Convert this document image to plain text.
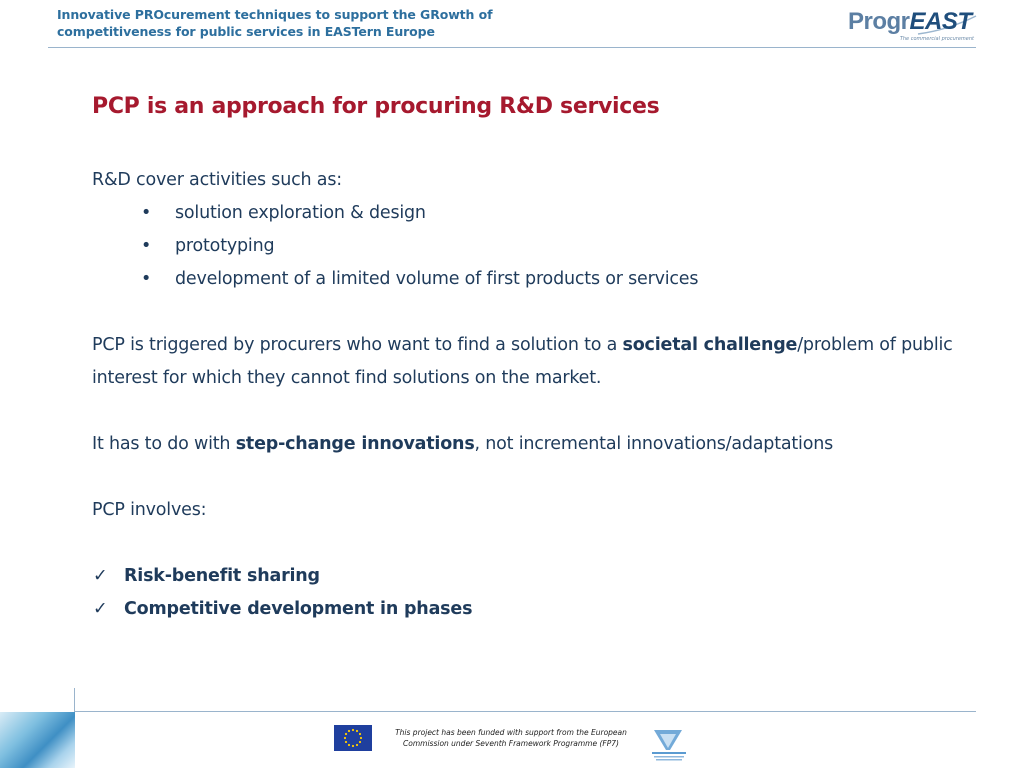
Innovative PROcurement techniques to support the GRowth of
competitiveness for public services in EASTern Europe	ProgrEAST
The commercial procurement
PCP is an approach for procuring R&D services

R&D cover activities such as:

• solution exploration & design
• prototyping
• development of a limited volume of first products or services

PCP is triggered by procurers who want to find a solution to a societal challenge/problem of public interest for which they cannot find solutions on the market.

It has to do with step-change innovations, not incremental innovations/adaptations

PCP involves:

✓ Risk-benefit sharing
✓ Competitive development in phases
This project has been funded with support from the European
Commission under Seventh Framework Programme (FP7)
